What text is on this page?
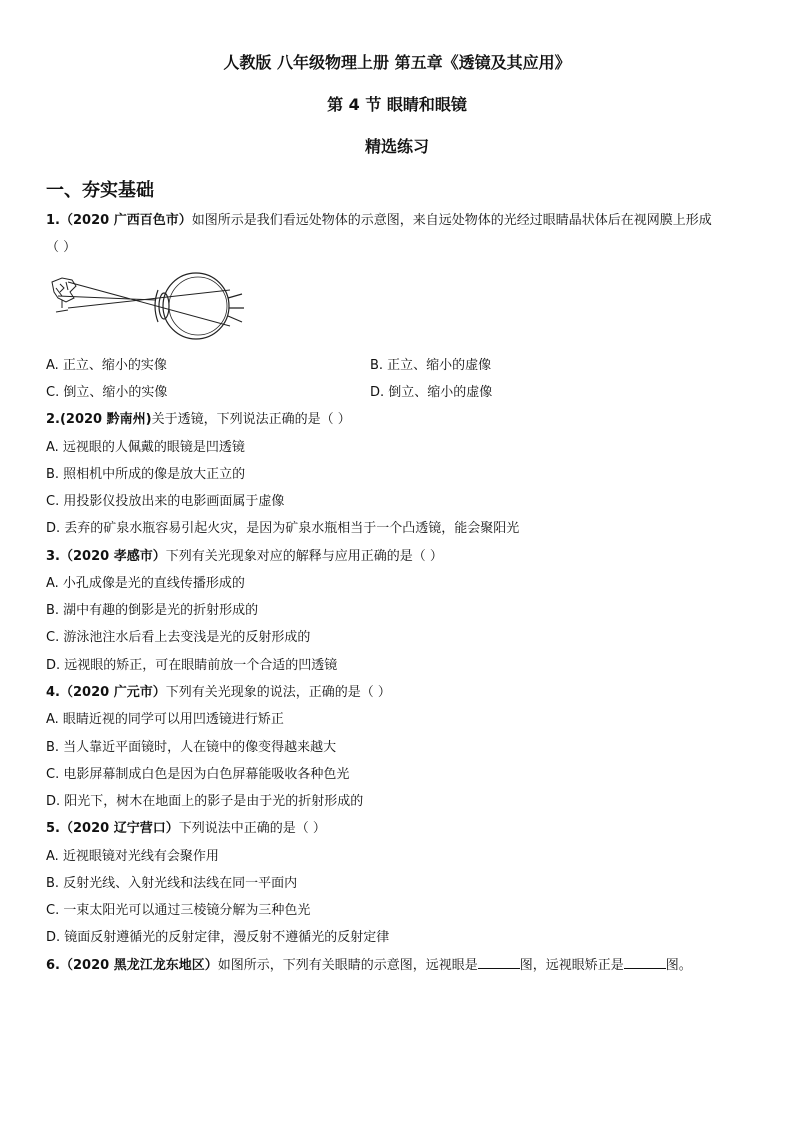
人教版 八年级物理上册 第五章《透镜及其应用》
第 4 节 眼睛和眼镜
精选练习
一、夯实基础
1.（2020 广西百色市）如图所示是我们看远处物体的示意图，来自远处物体的光经过眼睛晶状体后在视网膜上形成
（ ）
A. 正立、缩小的实像	B. 正立、缩小的虚像
C. 倒立、缩小的实像	D. 倒立、缩小的虚像
2.(2020 黔南州)关于透镜，下列说法正确的是（ ）
A. 远视眼的人佩戴的眼镜是凹透镜
B. 照相机中所成的像是放大正立的
C. 用投影仪投放出来的电影画面属于虚像
D. 丢弃的矿泉水瓶容易引起火灾，是因为矿泉水瓶相当于一个凸透镜，能会聚阳光
3.（2020 孝感市）下列有关光现象对应的解释与应用正确的是（ ）
A. 小孔成像是光的直线传播形成的
B. 湖中有趣的倒影是光的折射形成的
C. 游泳池注水后看上去变浅是光的反射形成的
D. 远视眼的矫正，可在眼睛前放一个合适的凹透镜
4.（2020 广元市）下列有关光现象的说法，正确的是（ ）
A. 眼睛近视的同学可以用凹透镜进行矫正
B. 当人靠近平面镜时，人在镜中的像变得越来越大
C. 电影屏幕制成白色是因为白色屏幕能吸收各种色光
D. 阳光下，树木在地面上的影子是由于光的折射形成的
5.（2020 辽宁营口）下列说法中正确的是（ ）
A. 近视眼镜对光线有会聚作用
B. 反射光线、入射光线和法线在同一平面内
C. 一束太阳光可以通过三棱镜分解为三种色光
D. 镜面反射遵循光的反射定律，漫反射不遵循光的反射定律
6.（2020 黑龙江龙东地区）如图所示，下列有关眼睛的示意图，远视眼是	图，远视眼矫正是	图。
